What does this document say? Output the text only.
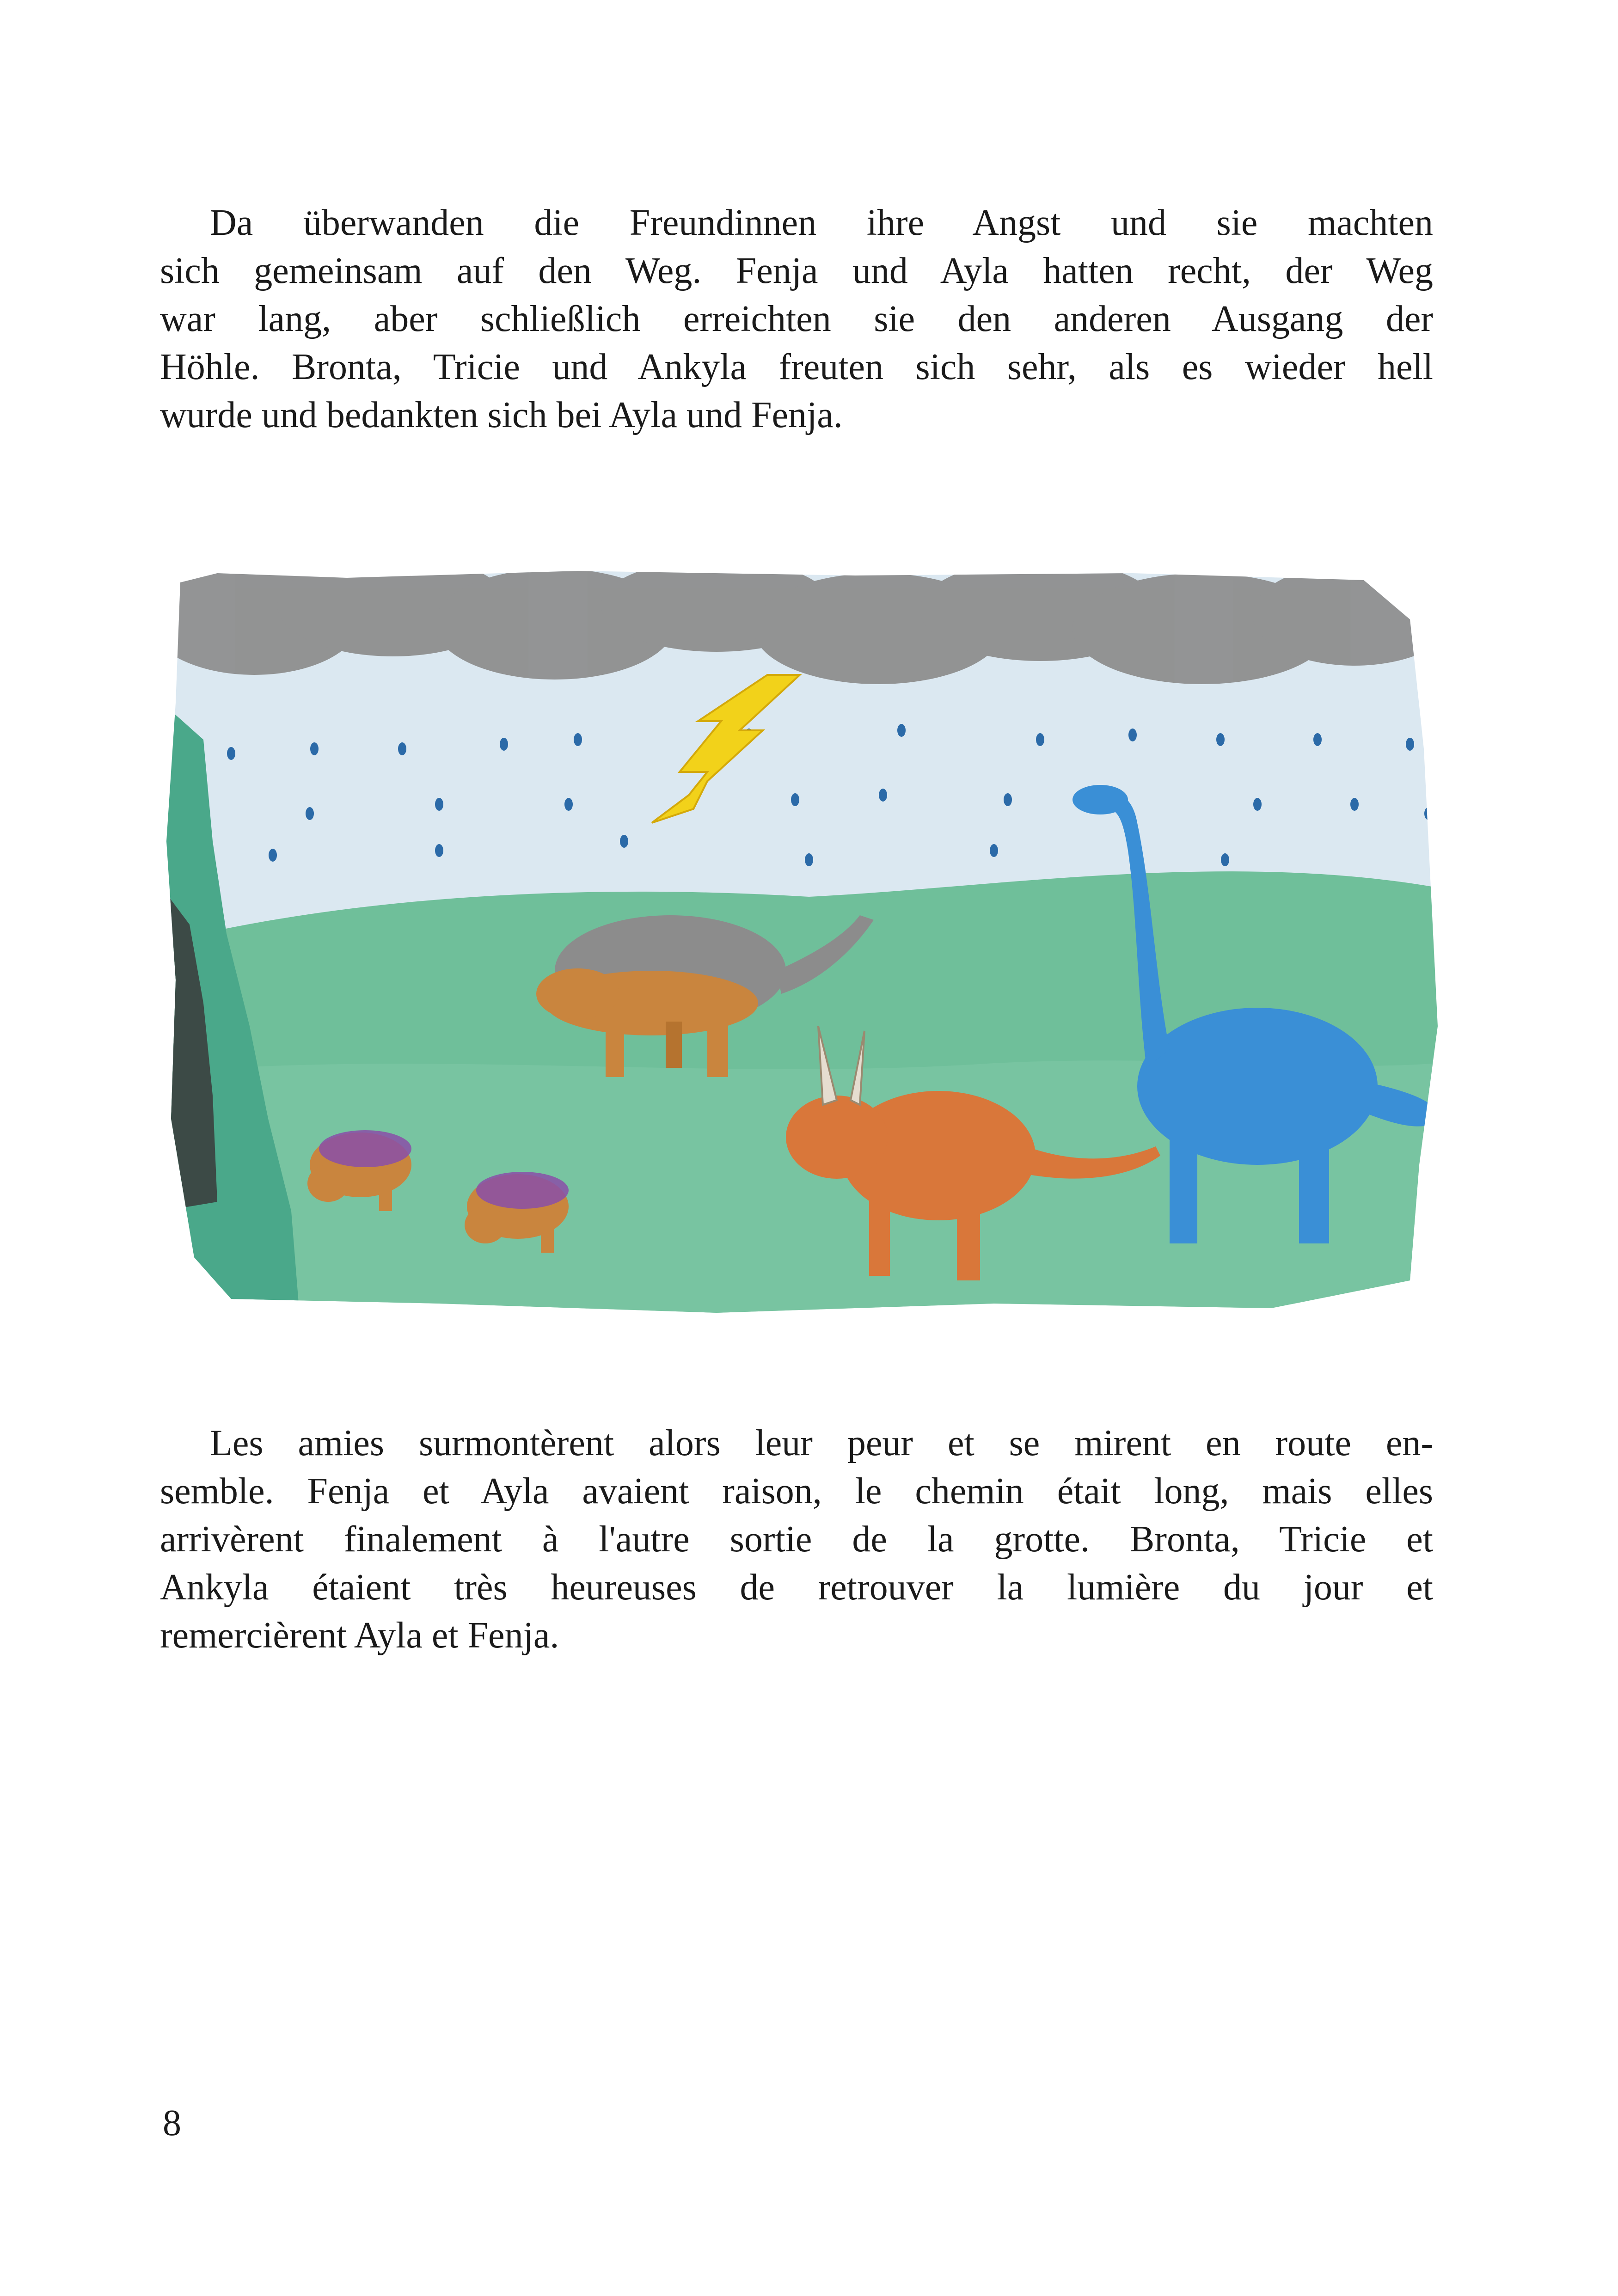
Da überwanden die Freundinnen ihre Angst und sie machten
sich gemeinsam auf den Weg. Fenja und Ayla hatten recht, der Weg
war lang, aber schließlich erreichten sie den anderen Ausgang der
Höhle. Bronta, Tricie und Ankyla freuten sich sehr, als es wieder hell
wurde und bedankten sich bei Ayla und Fenja.
Les amies surmontèrent alors leur peur et se mirent en route en-
semble. Fenja et Ayla avaient raison, le chemin était long, mais elles
arrivèrent finalement à l'autre sortie de la grotte. Bronta, Tricie et
Ankyla étaient très heureuses de retrouver la lumière du jour et
remercièrent Ayla et Fenja.

8
